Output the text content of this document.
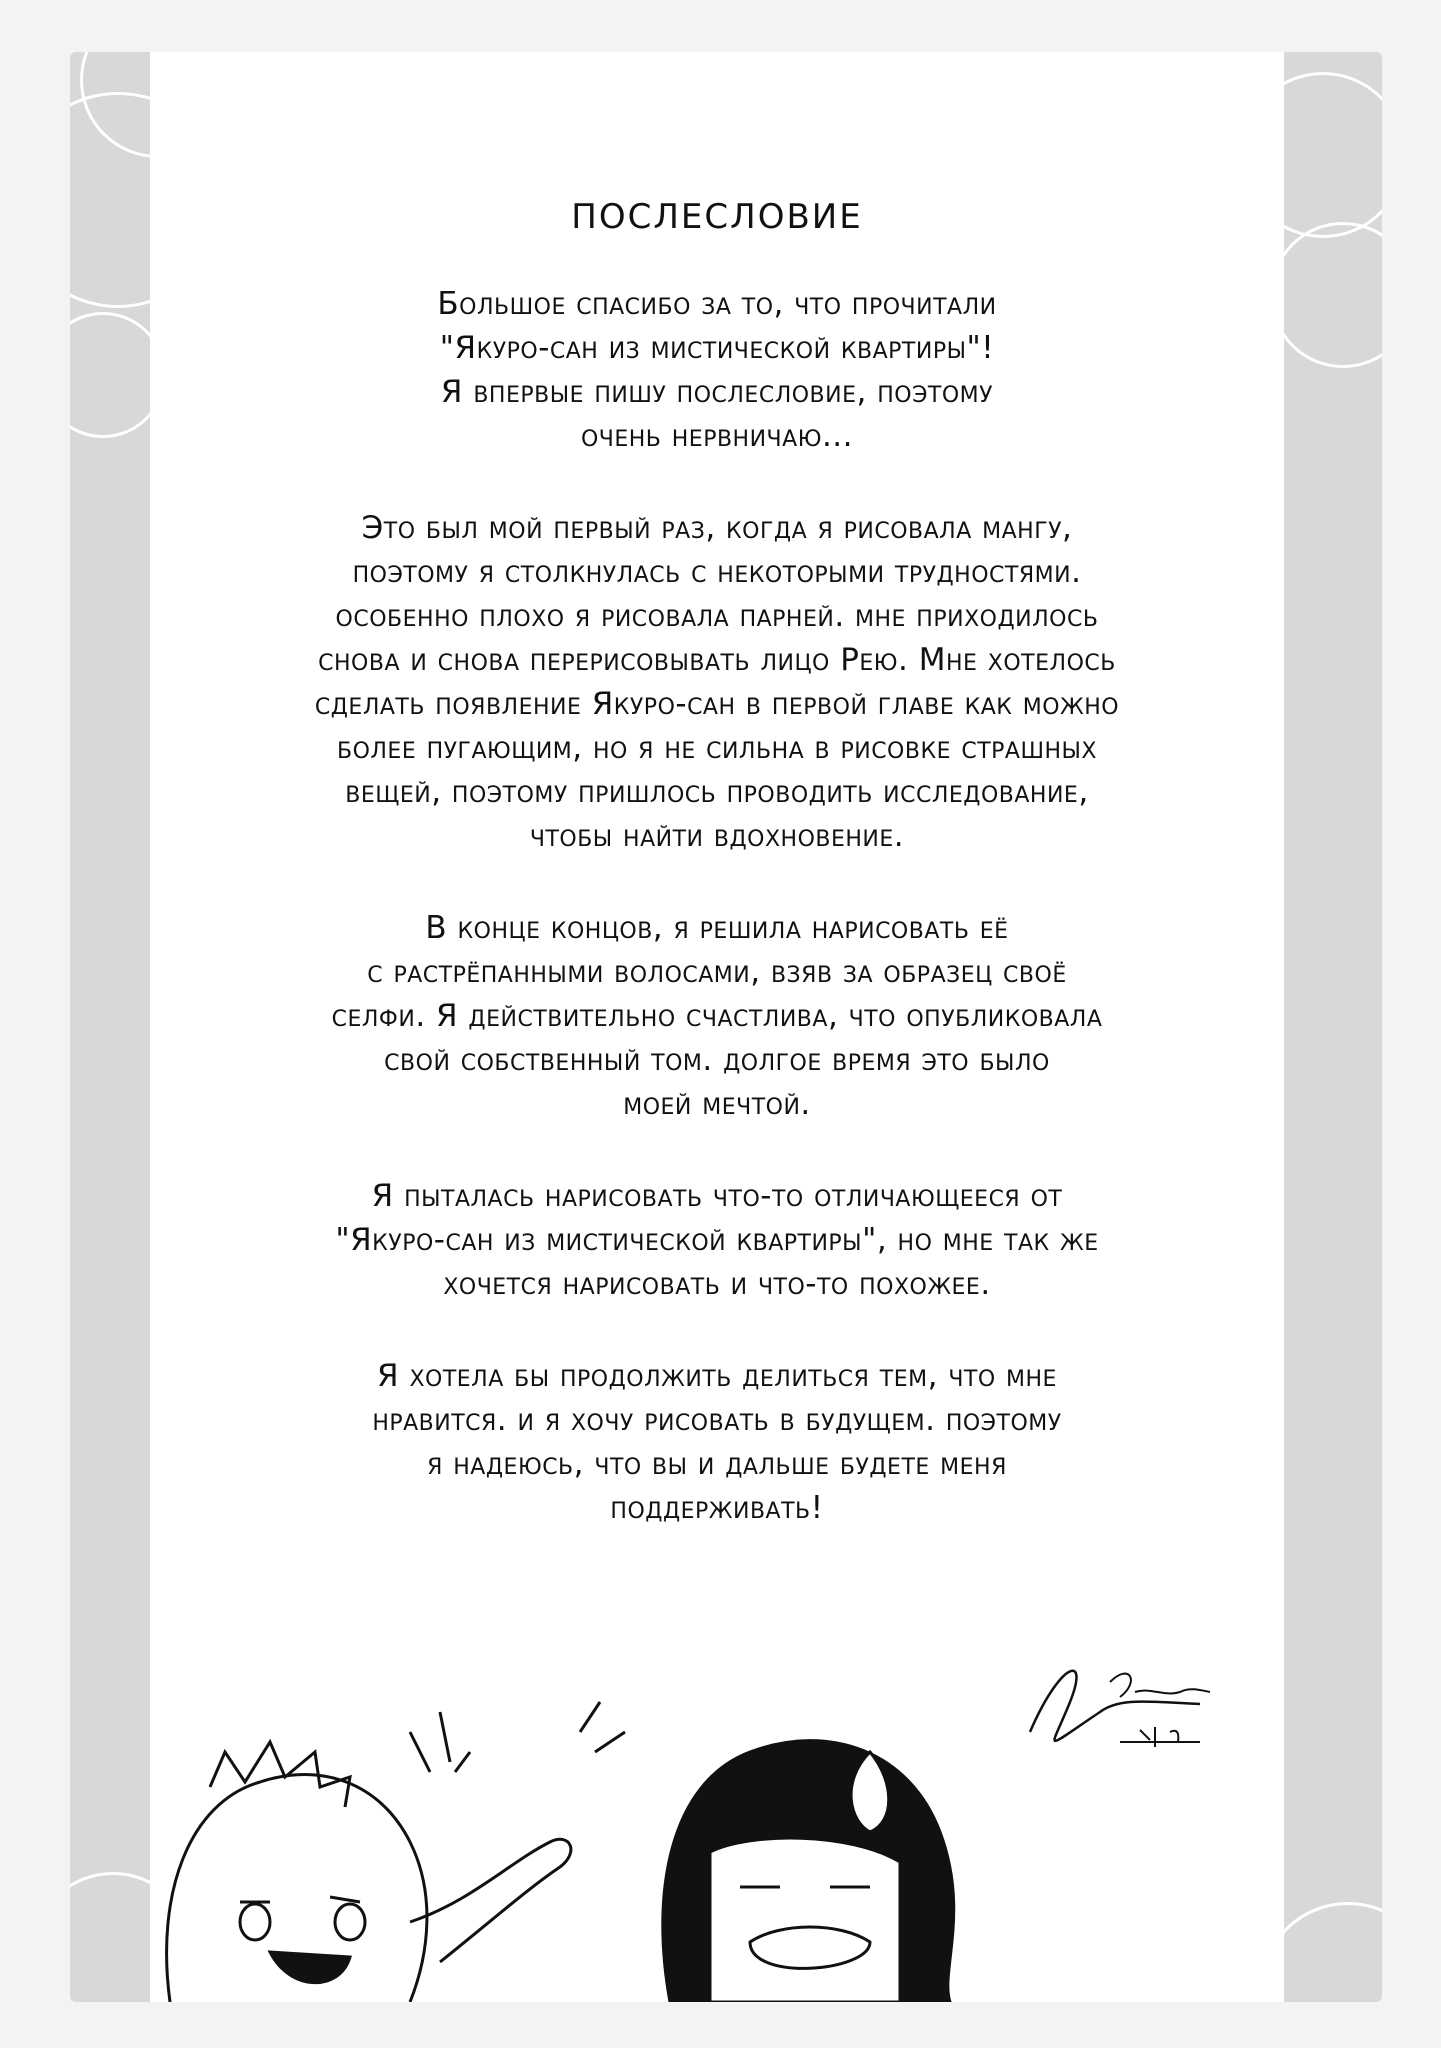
ПОСЛЕСЛОВИЕ
Большое спасибо за то, что прочитали
"Якуро-сан из мистической квартиры"!
Я впервые пишу послесловие, поэтому
очень нервничаю...
Это был мой первый раз, когда я рисовала мангу,
поэтому я столкнулась с некоторыми трудностями.
особенно плохо я рисовала парней. мне приходилось
снова и снова перерисовывать лицо Рею. Мне хотелось
сделать появление Якуро-сан в первой главе как можно
более пугающим, но я не сильна в рисовке страшных
вещей, поэтому пришлось проводить исследование,
чтобы найти вдохновение.
В конце концов, я решила нарисовать её
с растрёпанными волосами, взяв за образец своё
селфи. Я действительно счастлива, что опубликовала
свой собственный том. долгое время это было
моей мечтой.
Я пыталась нарисовать что-то отличающееся от
"Якуро-сан из мистической квартиры", но мне так же
хочется нарисовать и что-то похожее.
Я хотела бы продолжить делиться тем, что мне
нравится. и я хочу рисовать в будущем. поэтому
я надеюсь, что вы и дальше будете меня
поддерживать!
